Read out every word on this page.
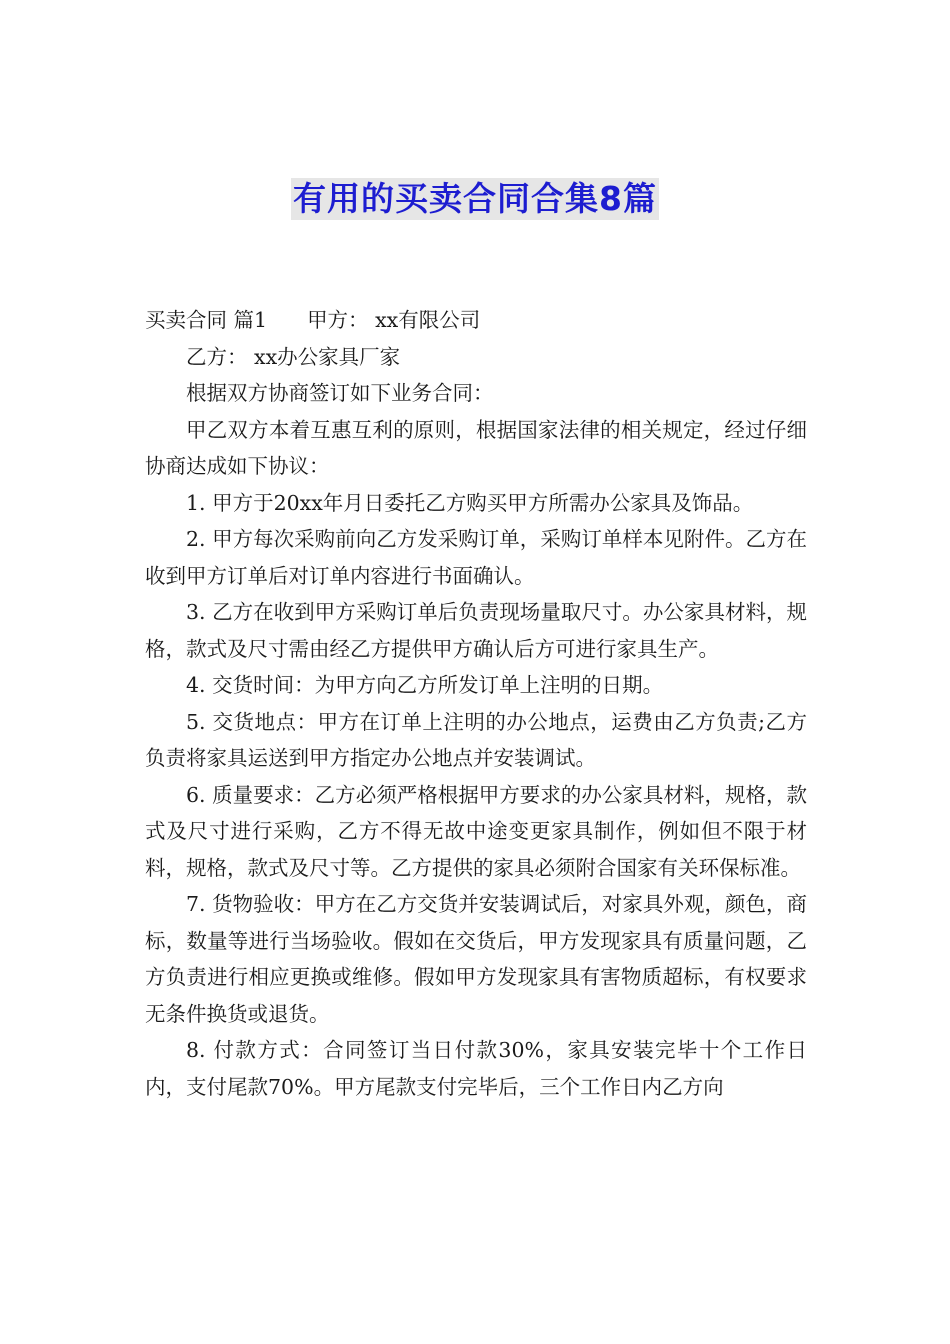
有用的买卖合同合集8篇

买卖合同 篇1 甲方： xx有限公司

乙方： xx办公家具厂家

根据双方协商签订如下业务合同：

甲乙双方本着互惠互利的原则，根据国家法律的相关规定，经过仔细协商达成如下协议：

1. 甲方于20xx年月日委托乙方购买甲方所需办公家具及饰品。

2. 甲方每次采购前向乙方发采购订单，采购订单样本见附件。乙方在收到甲方订单后对订单内容进行书面确认。

3. 乙方在收到甲方采购订单后负责现场量取尺寸。办公家具材料，规格，款式及尺寸需由经乙方提供甲方确认后方可进行家具生产。

4. 交货时间：为甲方向乙方所发订单上注明的日期。

5. 交货地点：甲方在订单上注明的办公地点，运费由乙方负责;乙方负责将家具运送到甲方指定办公地点并安装调试。

6. 质量要求：乙方必须严格根据甲方要求的办公家具材料，规格，款式及尺寸进行采购，乙方不得无故中途变更家具制作，例如但不限于材料，规格，款式及尺寸等。乙方提供的家具必须附合国家有关环保标准。

7. 货物验收：甲方在乙方交货并安装调试后，对家具外观，颜色，商标，数量等进行当场验收。假如在交货后，甲方发现家具有质量问题，乙方负责进行相应更换或维修。假如甲方发现家具有害物质超标，有权要求无条件换货或退货。

8. 付款方式：合同签订当日付款30%，家具安装完毕十个工作日内，支付尾款70%。甲方尾款支付完毕后，三个工作日内乙方向
